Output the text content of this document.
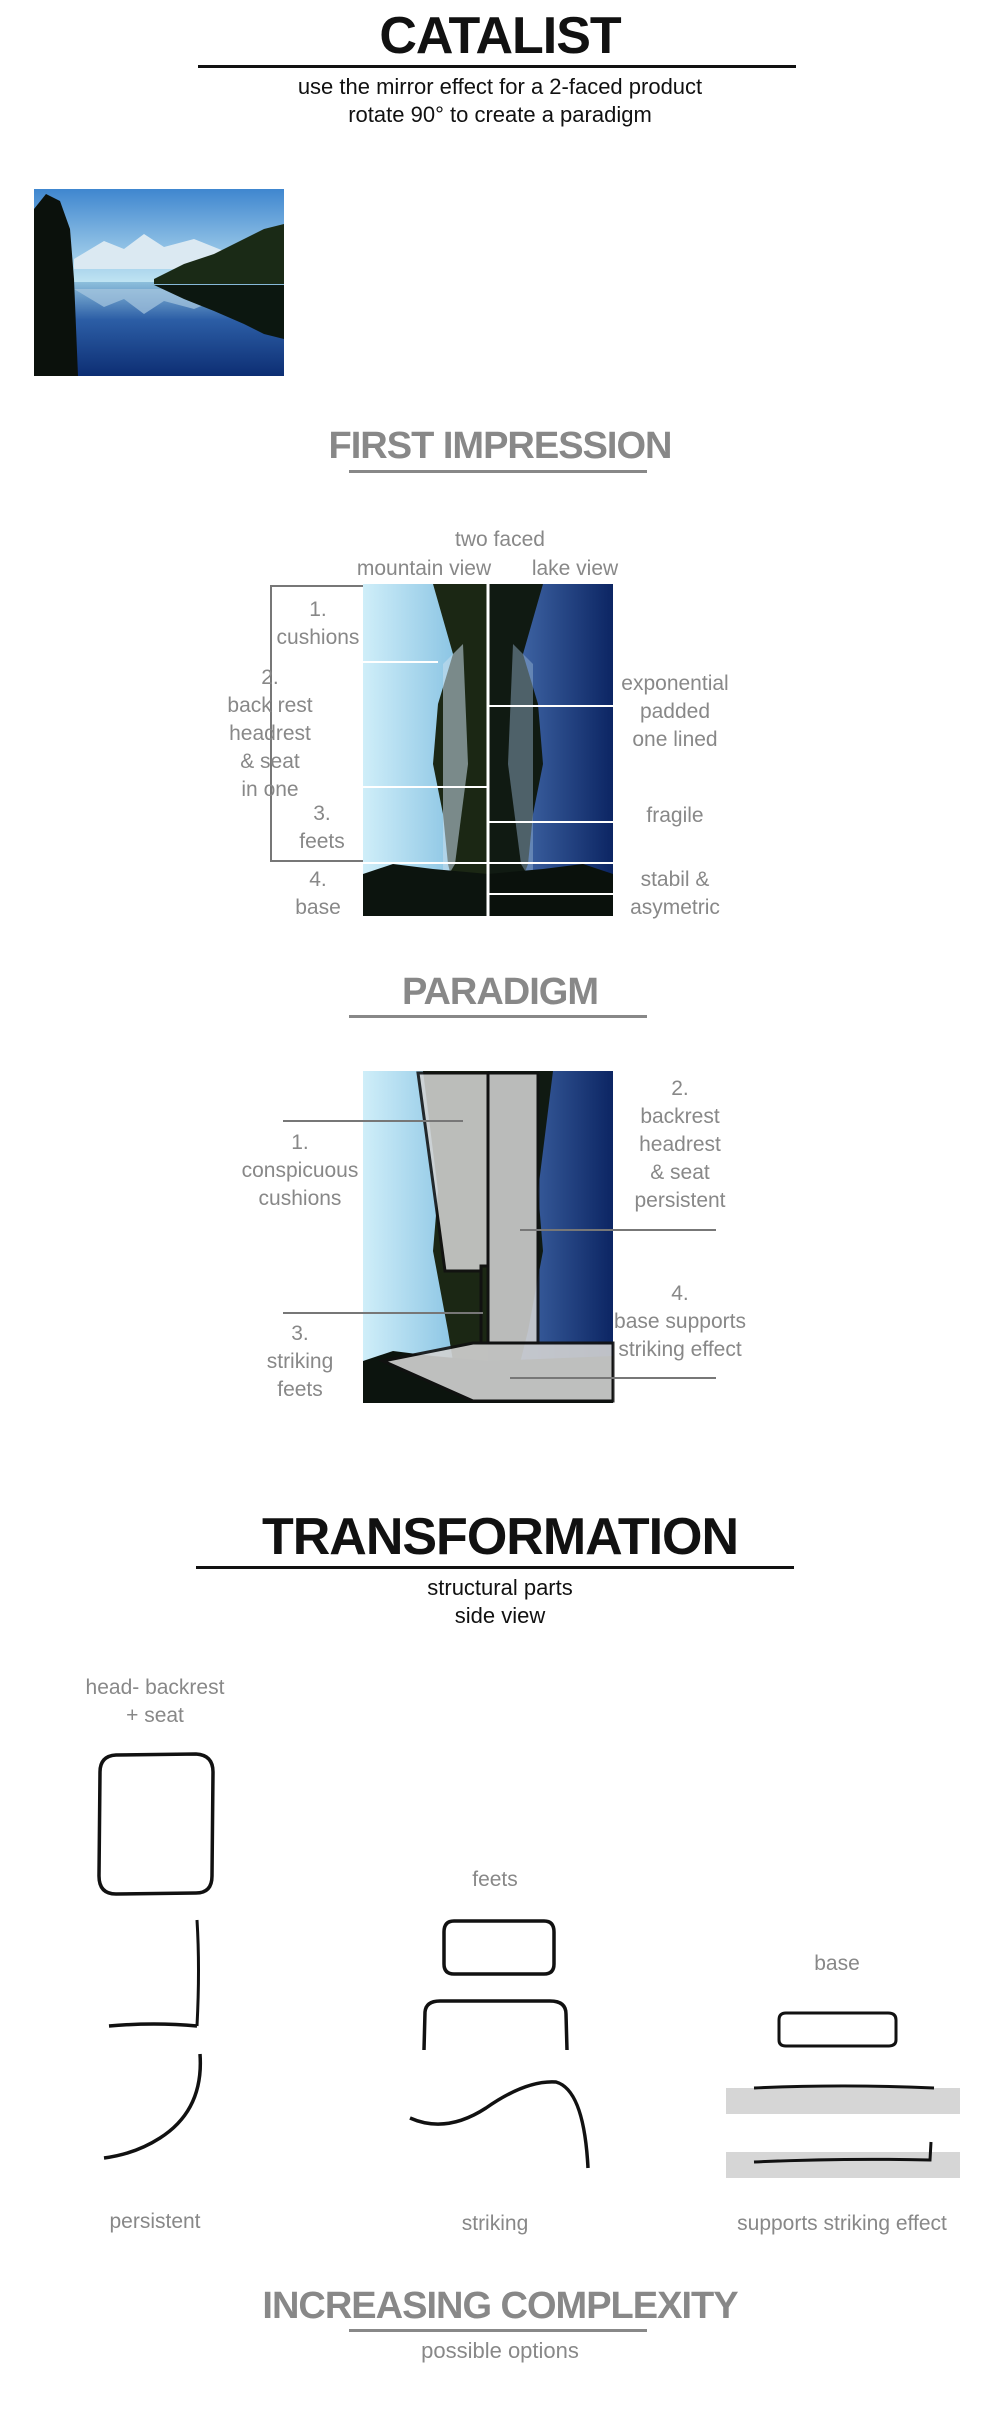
CATALIST
use the mirror effect for a 2-faced product
rotate 90° to create a paradigm
FIRST IMPRESSION
two faced
mountain view	lake view
1.
cushions
2.
back rest
headrest
& seat
in one
3.
feets
4.
base
exponential
padded
one lined
fragile
stabil &
asymetric
PARADIGM
1.
conspicuous
cushions
2.
backrest
headrest
& seat
persistent
3.
striking
feets
4.
base supports
striking effect
TRANSFORMATION
structural parts
side view
head- backrest
+ seat
feets
base
persistent	striking	supports striking effect
INCREASING COMPLEXITY
possible options
